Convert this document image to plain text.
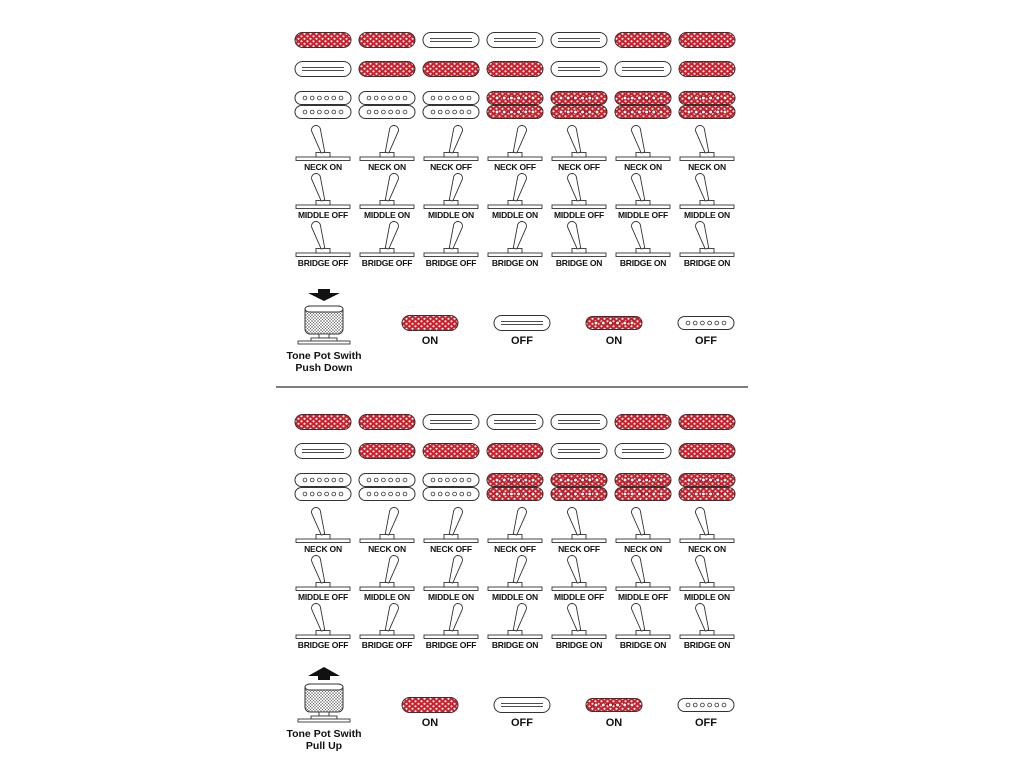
NECK ON	NECK ON	NECK OFF	NECK OFF	NECK OFF	NECK ON	NECK ON
MIDDLE OFF MIDDLE ON MIDDLE ON MIDDLE ON MIDDLE OFF MIDDLE OFF MIDDLE ON
BRIDGE OFF BRIDGE OFF BRIDGE OFF BRIDGE ON BRIDGE ON BRIDGE ON BRIDGE ON
Tone Pot Swith
Push Down
ON	OFF	ON	OFF
NECK ON	NECK ON	NECK OFF	NECK OFF	NECK OFF	NECK ON	NECK ON
MIDDLE OFF MIDDLE ON MIDDLE ON MIDDLE ON MIDDLE OFF MIDDLE OFF MIDDLE ON
BRIDGE OFF BRIDGE OFF BRIDGE OFF BRIDGE ON BRIDGE ON BRIDGE ON BRIDGE ON
Tone Pot Swith
Pull Up
ON	OFF	ON	OFF
